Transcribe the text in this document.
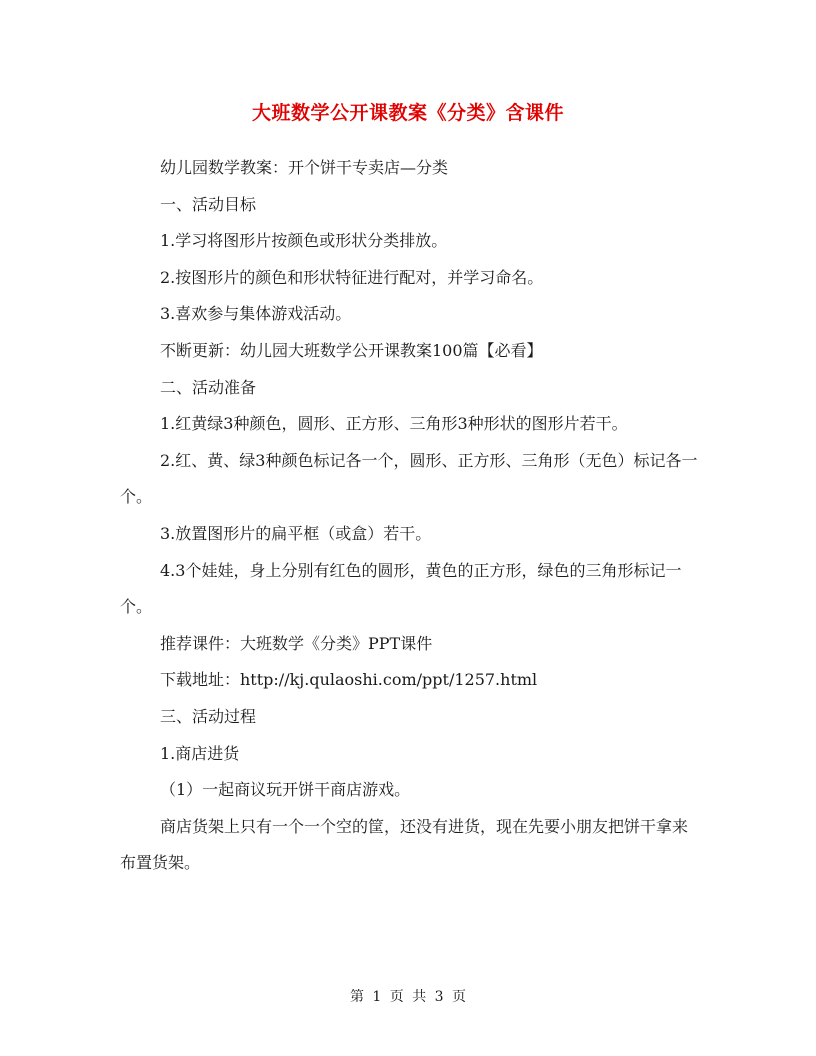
大班数学公开课教案《分类》含课件

幼儿园数学教案：开个饼干专卖店—分类

一、活动目标

1.学习将图形片按颜色或形状分类排放。

2.按图形片的颜色和形状特征进行配对，并学习命名。

3.喜欢参与集体游戏活动。

不断更新：幼儿园大班数学公开课教案100篇【必看】

二、活动准备

1.红黄绿3种颜色，圆形、正方形、三角形3种形状的图形片若干。

2.红、黄、绿3种颜色标记各一个，圆形、正方形、三角形（无色）标记各一个。

3.放置图形片的扁平框（或盒）若干。

4.3个娃娃，身上分别有红色的圆形，黄色的正方形，绿色的三角形标记一个。

推荐课件：大班数学《分类》PPT课件

下载地址：http://kj.qulaoshi.com/ppt/1257.html

三、活动过程

1.商店进货

（1）一起商议玩开饼干商店游戏。

商店货架上只有一个一个空的筐，还没有进货，现在先要小朋友把饼干拿来布置货架。

第 1 页 共 3 页
